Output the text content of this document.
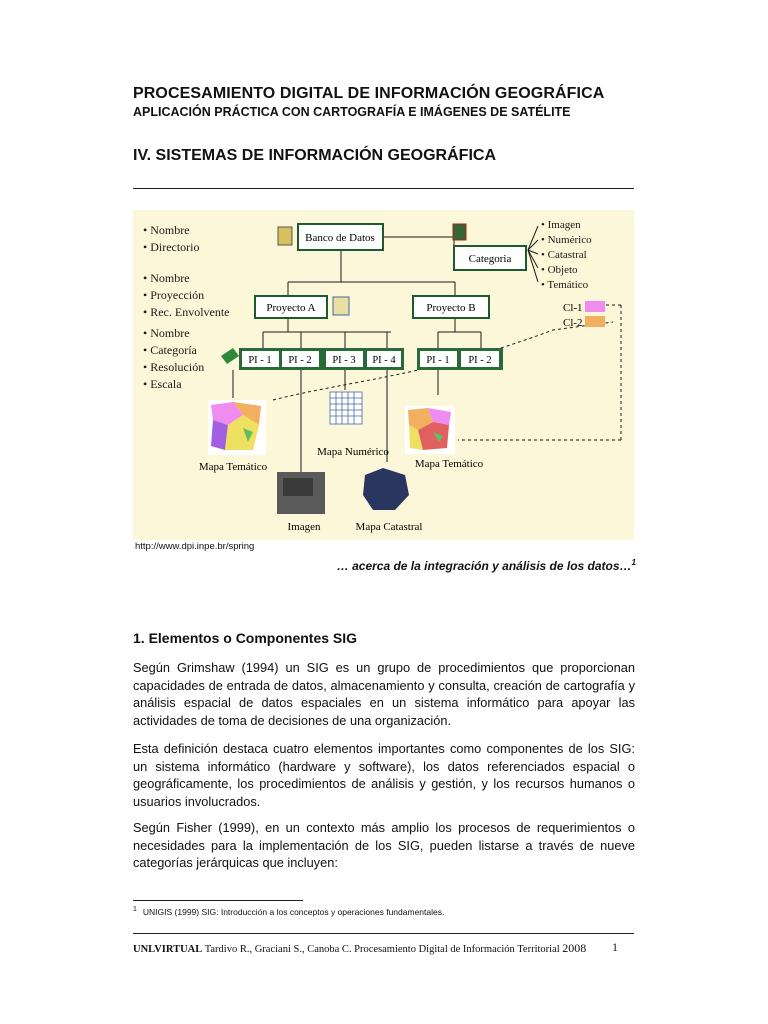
PROCESAMIENTO DIGITAL DE INFORMACIÓN GEOGRÁFICA
APLICACIÓN PRÁCTICA CON CARTOGRAFÍA E IMÁGENES DE SATÉLITE
IV. SISTEMAS DE INFORMACIÓN GEOGRÁFICA
Banco de Datos
Categoria
Proyecto A	Proyecto B
PI - 1 PI - 2 PI - 3 PI - 4	PI - 1 PI - 2
• Nombre
• Directorio
• Nombre
• Proyección
• Rec. Envolvente
• Nombre
• Categoría
• Resolución
• Escala
• Imagen
• Numérico
• Catastral
• Objeto
• Temático
Cl-1
Cl-2
Mapa Temático
Mapa Numérico
Mapa Temático
Imagen	Mapa Catastral
http://www.dpi.inpe.br/spring
… acerca de la integración y análisis de los datos…$^1$
1. Elementos o Componentes SIG
Según Grimshaw (1994) un SIG es un grupo de procedimientos que proporcionan capacidades de entrada de datos, almacenamiento y consulta, creación de cartografía y análisis espacial de datos espaciales en un sistema informático para apoyar las actividades de toma de decisiones de una organización.
Esta definición destaca cuatro elementos importantes como componentes de los SIG: un sistema informático (hardware y software), los datos referenciados espacial o geográficamente, los procedimientos de análisis y gestión, y los recursos humanos o usuarios involucrados.
Según Fisher (1999), en un contexto más amplio los procesos de requerimientos o necesidades para la implementación de los SIG, pueden listarse a través de nueve categorías jerárquicas que incluyen:
$^1$ UNIGIS (1999) SIG: Introducción a los conceptos y operaciones fundamentales.
UNLVIRTUAL Tardivo R., Graciani S., Canoba C. Procesamiento Digital de Información Territorial 2008 1
